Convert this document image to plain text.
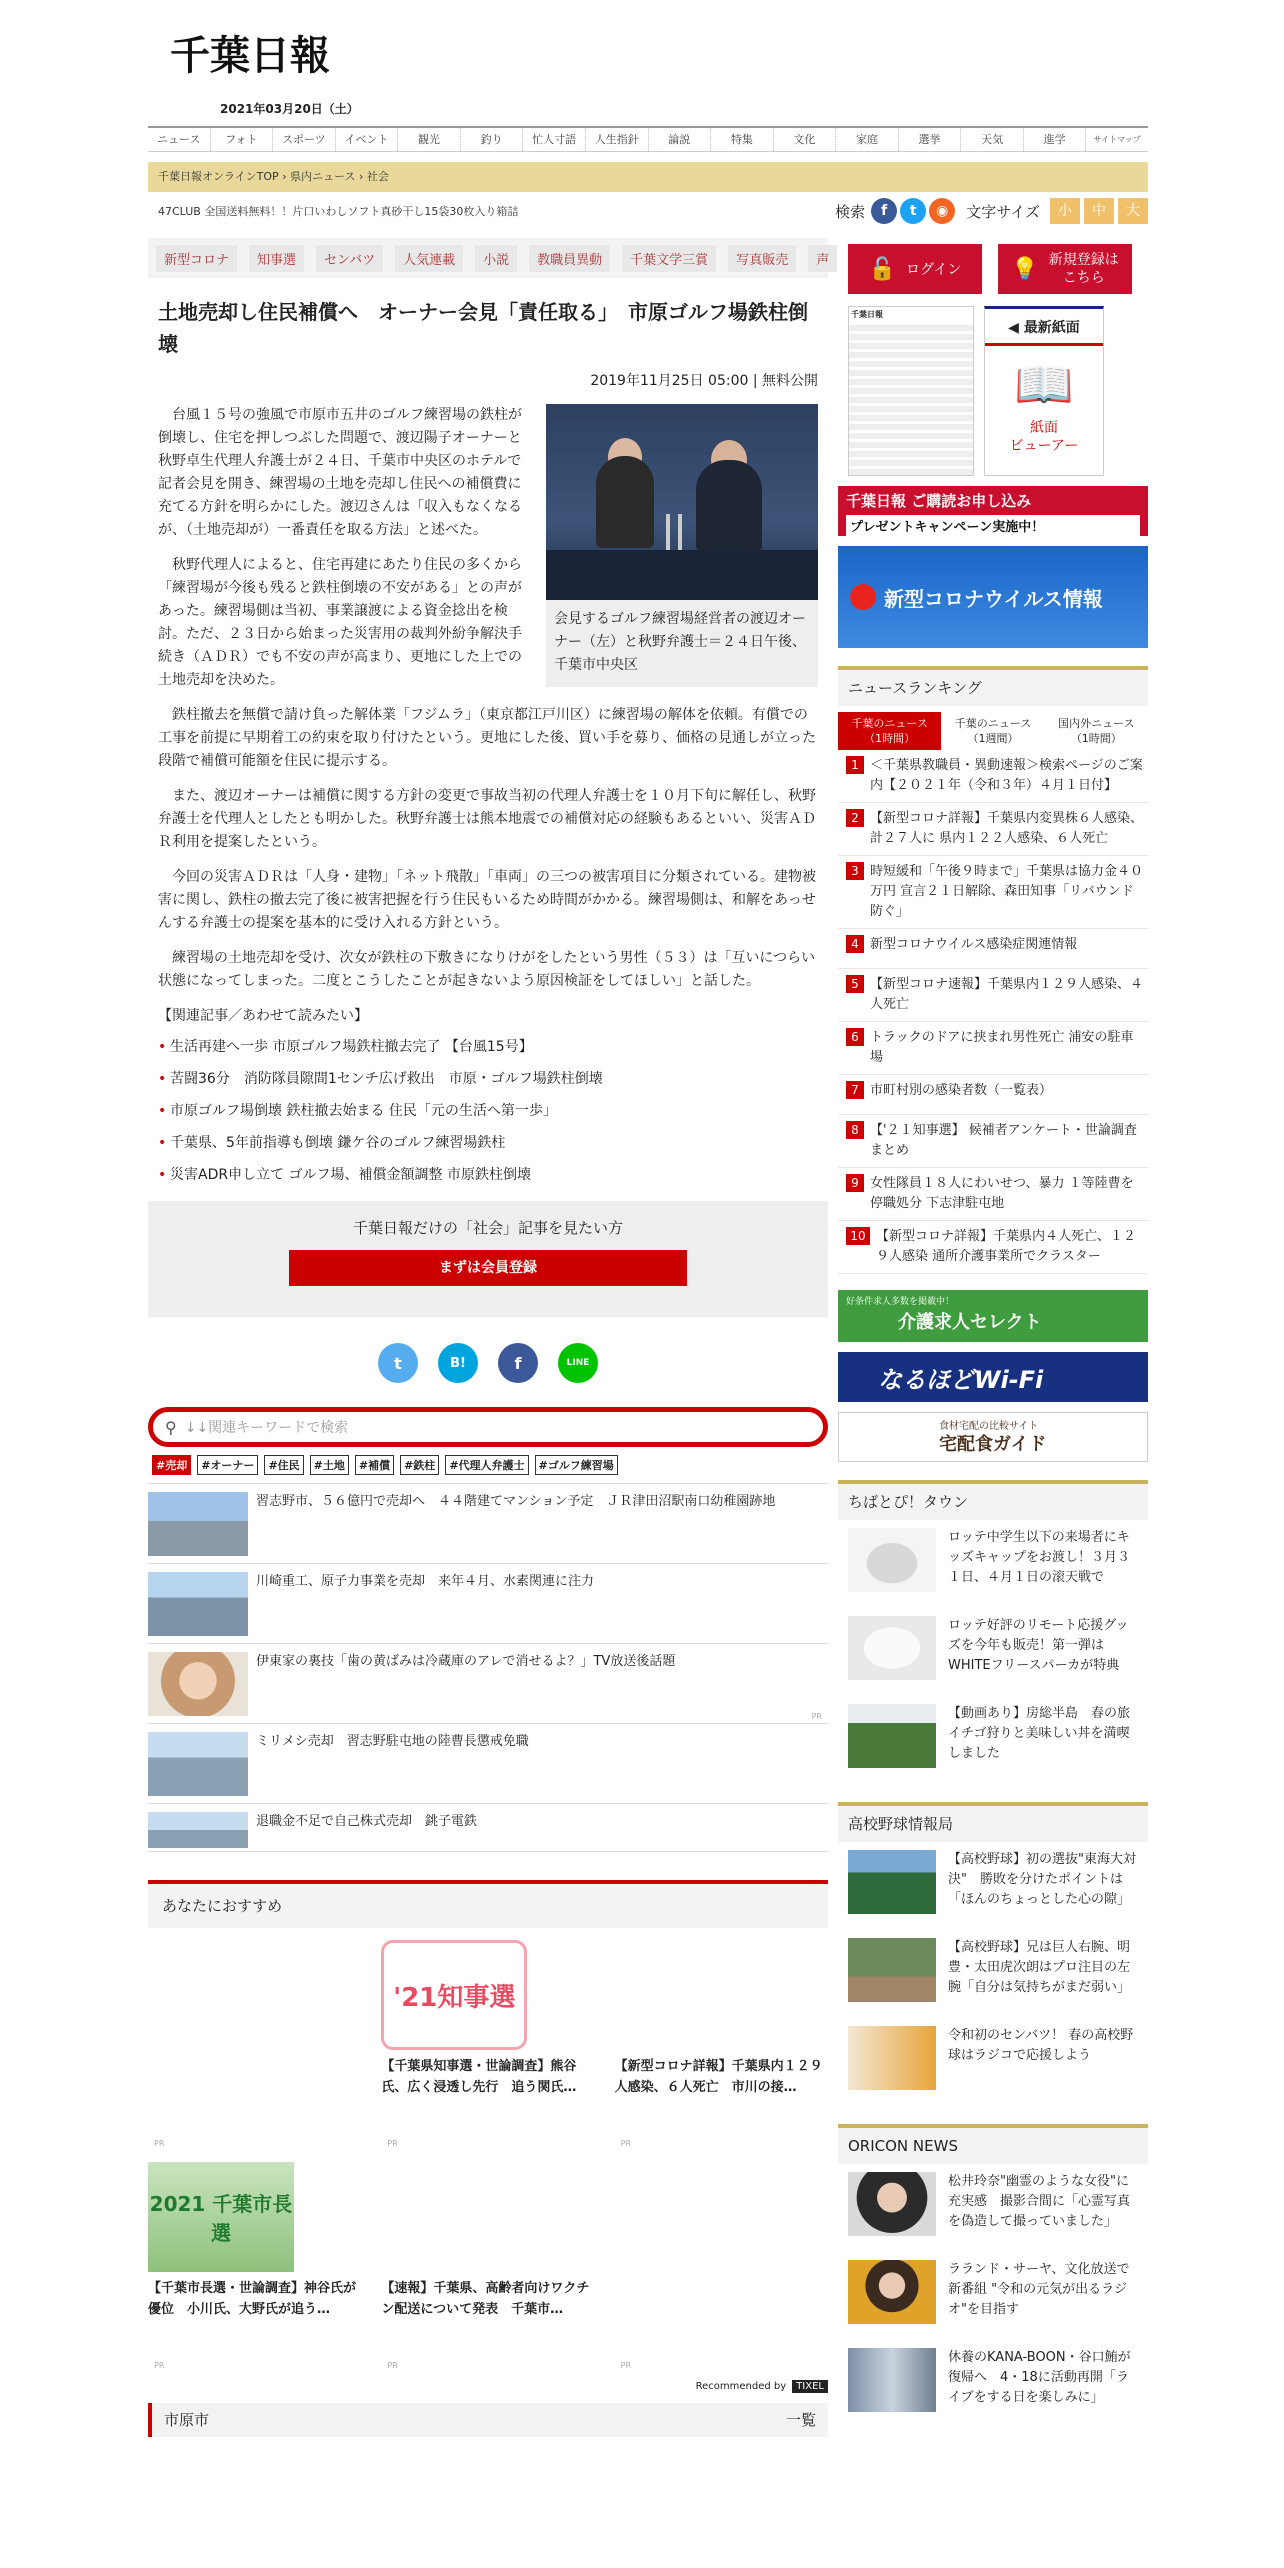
千葉日報
2021年03月20日（土）
ニュース	フォト	スポーツ	イベント	観光	釣り	忙人寸語	人生指針	論説	特集	文化	家庭	選挙	天気	進学	サイトマップ
千葉日報オンラインTOP › 県内ニュース › 社会
47CLUB 全国送料無料！！片口いわしソフト真砂干し15袋30枚入り箱詰	検索	f	t	◉	文字サイズ	小	中	大
新型コロナ	知事選	センバツ	人気連載	小説	教職員異動	千葉文学三賞	写真販売	声
土地売却し住民補償へ　オーナー会見「責任取る」　市原ゴルフ場鉄柱倒壊
2019年11月25日 05:00 | 無料公開
会見するゴルフ練習場経営者の渡辺オーナー（左）と秋野弁護士＝２４日午後、千葉市中央区

台風１５号の強風で市原市五井のゴルフ練習場の鉄柱が倒壊し、住宅を押しつぶした問題で、渡辺陽子オーナーと秋野卓生代理人弁護士が２４日、千葉市中央区のホテルで記者会見を開き、練習場の土地を売却し住民への補償費に充てる方針を明らかにした。渡辺さんは「収入もなくなるが、（土地売却が）一番責任を取る方法」と述べた。

秋野代理人によると、住宅再建にあたり住民の多くから「練習場が今後も残ると鉄柱倒壊の不安がある」との声があった。練習場側は当初、事業譲渡による資金捻出を検討。ただ、２３日から始まった災害用の裁判外紛争解決手続き（ＡＤＲ）でも不安の声が高まり、更地にした上での土地売却を決めた。

鉄柱撤去を無償で請け負った解体業「フジムラ」（東京都江戸川区）に練習場の解体を依頼。有償での工事を前提に早期着工の約束を取り付けたという。更地にした後、買い手を募り、価格の見通しが立った段階で補償可能額を住民に提示する。

また、渡辺オーナーは補償に関する方針の変更で事故当初の代理人弁護士を１０月下旬に解任し、秋野弁護士を代理人としたとも明かした。秋野弁護士は熊本地震での補償対応の経験もあるといい、災害ＡＤＲ利用を提案したという。

今回の災害ＡＤＲは「人身・建物」「ネット飛散」「車両」の三つの被害項目に分類されている。建物被害に関し、鉄柱の撤去完了後に被害把握を行う住民もいるため時間がかかる。練習場側は、和解をあっせんする弁護士の提案を基本的に受け入れる方針という。

練習場の土地売却を受け、次女が鉄柱の下敷きになりけがをしたという男性（５３）は「互いにつらい状態になってしまった。二度とこうしたことが起きないよう原因検証をしてほしい」と話した。

【関連記事／あわせて読みたい】
• 生活再建へ一歩 市原ゴルフ場鉄柱撤去完了 【台風15号】
• 苦闘36分　消防隊員隙間1センチ広げ救出　市原・ゴルフ場鉄柱倒壊
• 市原ゴルフ場倒壊 鉄柱撤去始まる 住民「元の生活へ第一歩」
• 千葉県、5年前指導も倒壊 鎌ケ谷のゴルフ練習場鉄柱
• 災害ADR申し立て ゴルフ場、補償金額調整 市原鉄柱倒壊
千葉日報だけの「社会」記事を見たい方
まずは会員登録
t	B!	f	LINE
⚲ ↓↓関連キーワードで検索
#売却	#オーナー	#住民	#土地	#補償	#鉄柱	#代理人弁護士	#ゴルフ練習場
習志野市、５６億円で売却へ　４４階建てマンション予定　ＪＲ津田沼駅南口幼稚園跡地
川崎重工、原子力事業を売却　来年４月、水素関連に注力
伊東家の裏技「歯の黄ばみは冷蔵庫のアレで消せるよ？」TV放送後話題
PR
ミリメシ売却　習志野駐屯地の陸曹長懲戒免職
退職金不足で自己株式売却　銚子電鉄
あなたにおすすめ
PR
'21知事選
【千葉県知事選・世論調査】熊谷氏、広く浸透し先行　追う関氏…
PR
【新型コロナ詳報】千葉県内１２９人感染、６人死亡　市川の接…
PR
2021 千葉市長選
【千葉市長選・世論調査】神谷氏が優位　小川氏、大野氏が追う…
PR
【速報】千葉県、高齢者向けワクチン配送について発表　千葉市…
PR	PR
Recommended by TIXEL
市原市	一覧
🔓 ログイン 💡 新規登録は
こちら
千葉日報
◀ 最新紙面
📖
紙面
ビューアー
千葉日報 ご購読お申し込み
プレゼントキャンペーン実施中！
新型コロナウイルス情報
ニュースランキング
千葉のニュース
（1時間）
千葉のニュース
（1週間）
国内外ニュース
（1時間）
1 ＜千葉県教職員・異動速報＞検索ページのご案内【２０２１年（令和３年）４月１日付】
2 【新型コロナ詳報】千葉県内変異株６人感染、計２７人に 県内１２２人感染、６人死亡
3 時短緩和「午後９時まで」千葉県は協力金４０万円 宣言２１日解除、森田知事「リバウンド防ぐ」
4 新型コロナウイルス感染症関連情報
5 【新型コロナ速報】千葉県内１２９人感染、４人死亡
6 トラックのドアに挟まれ男性死亡 浦安の駐車場
7 市町村別の感染者数（一覧表）
8 【'２１知事選】 候補者アンケート・世論調査まとめ
9 女性隊員１８人にわいせつ、暴力 １等陸曹を停職処分 下志津駐屯地
10 【新型コロナ詳報】千葉県内４人死亡、１２９人感染 通所介護事業所でクラスター
好条件求人多数を掲載中！
介護求人セレクト
なるほどWi-Fi
食材宅配の比較サイト
宅配食ガイド
ちばとぴ！タウン
ロッテ中学生以下の来場者にキッズキャップをお渡し！３月３１日、４月１日の滚天戦で
ロッテ好評のリモート応援グッズを今年も販売！第一弾はWHITEフリースパーカが特典
【動画あり】房総半島　春の旅　イチゴ狩りと美味しい丼を満喫しました
高校野球情報局
【高校野球】初の選抜"東海大対決"　勝敗を分けたポイントは「ほんのちょっとした心の隙」
【高校野球】兄は巨人右腕、明豊・太田虎次朗はプロ注目の左腕「自分は気持ちがまだ弱い」
令和初のセンバツ！ 春の高校野球はラジコで応援しよう
ORICON NEWS
松井玲奈"幽霊のような女役"に充実感　撮影合間に「心霊写真を偽造して撮っていました」
ラランド・サーヤ、文化放送で新番組 "令和の元気が出るラジオ"を目指す
休養のKANA-BOON・谷口鮪が復帰へ　4・18に活動再開「ライブをする日を楽しみに」
